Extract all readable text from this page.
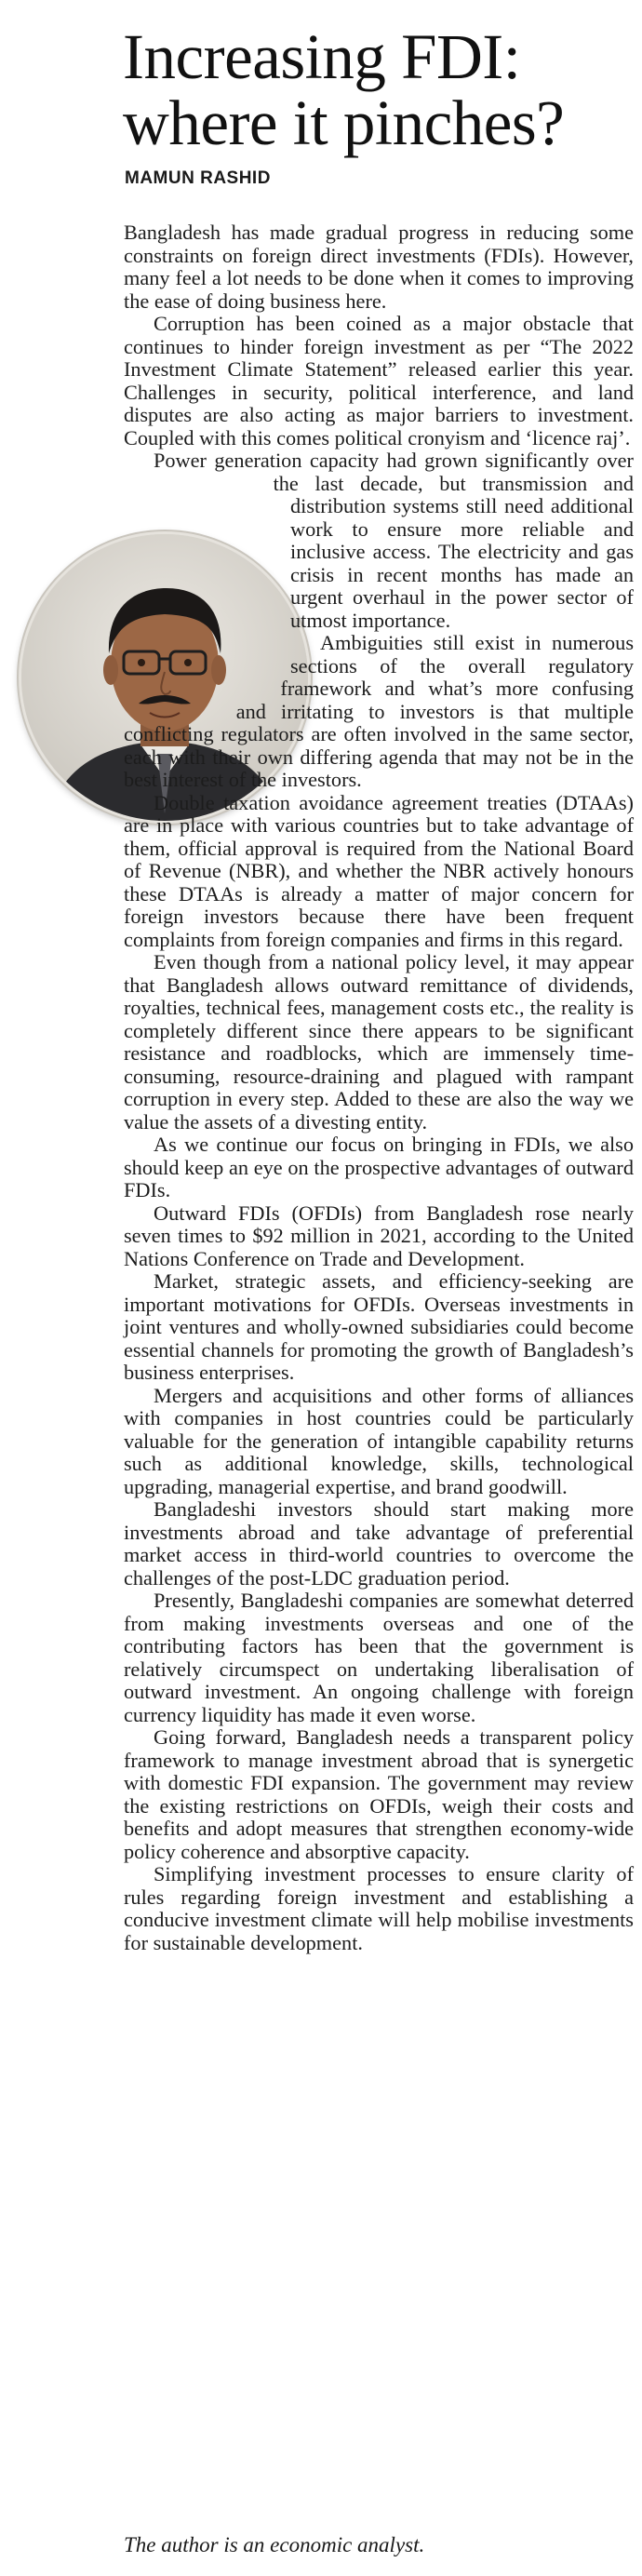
Increasing FDI: where it pinches?
MAMUN RASHID

Bangladesh has made gradual progress in reducing some constraints on foreign direct investments (FDIs). However, many feel a lot needs to be done when it comes to improving the ease of doing business here.

Corruption has been coined as a major obstacle that continues to hinder foreign investment as per “The 2022 Investment Climate Statement” released earlier this year. Challenges in security, political interference, and land disputes are also acting as major barriers to investment. Coupled with this comes political cronyism and ‘licence raj’.

Power generation capacity had grown significantly over the last decade, but transmission and distribution systems still need additional work to ensure more reliable and inclusive access. The electricity and gas crisis in recent months has made an urgent overhaul in the power sector of utmost importance.

Ambiguities still exist in numerous sections of the overall regulatory framework and what’s more confusing and irritating to investors is that multiple conflicting regulators are often involved in the same sector, each with their own differing agenda that may not be in the best interest of the investors.

Double taxation avoidance agreement treaties (DTAAs) are in place with various countries but to take advantage of them, official approval is required from the National Board of Revenue (NBR), and whether the NBR actively honours these DTAAs is already a matter of major concern for foreign investors because there have been frequent complaints from foreign companies and firms in this regard.

Even though from a national policy level, it may appear that Bangladesh allows outward remittance of dividends, royalties, technical fees, management costs etc., the reality is completely different since there appears to be significant resistance and roadblocks, which are immensely time-consuming, resource-draining and plagued with rampant corruption in every step. Added to these are also the way we value the assets of a divesting entity.

As we continue our focus on bringing in FDIs, we also should keep an eye on the prospective advantages of outward FDIs.

Outward FDIs (OFDIs) from Bangladesh rose nearly seven times to $92 million in 2021, according to the United Nations Conference on Trade and Development.

Market, strategic assets, and efficiency-seeking are important motivations for OFDIs. Overseas investments in joint ventures and wholly-owned subsidiaries could become essential channels for promoting the growth of Bangladesh’s business enterprises.

Mergers and acquisitions and other forms of alliances with companies in host countries could be particularly valuable for the generation of intangible capability returns such as additional knowledge, skills, technological upgrading, managerial expertise, and brand goodwill.

Bangladeshi investors should start making more investments abroad and take advantage of preferential market access in third-world countries to overcome the challenges of the post-LDC graduation period.

Presently, Bangladeshi companies are somewhat deterred from making investments overseas and one of the contributing factors has been that the government is relatively circumspect on undertaking liberalisation of outward investment. An ongoing challenge with foreign currency liquidity has made it even worse.

Going forward, Bangladesh needs a transparent policy framework to manage investment abroad that is synergetic with domestic FDI expansion. The government may review the existing restrictions on OFDIs, weigh their costs and benefits and adopt measures that strengthen economy-wide policy coherence and absorptive capacity.

Simplifying investment processes to ensure clarity of rules regarding foreign investment and establishing a conducive investment climate will help mobilise investments for sustainable development.

The author is an economic analyst.
